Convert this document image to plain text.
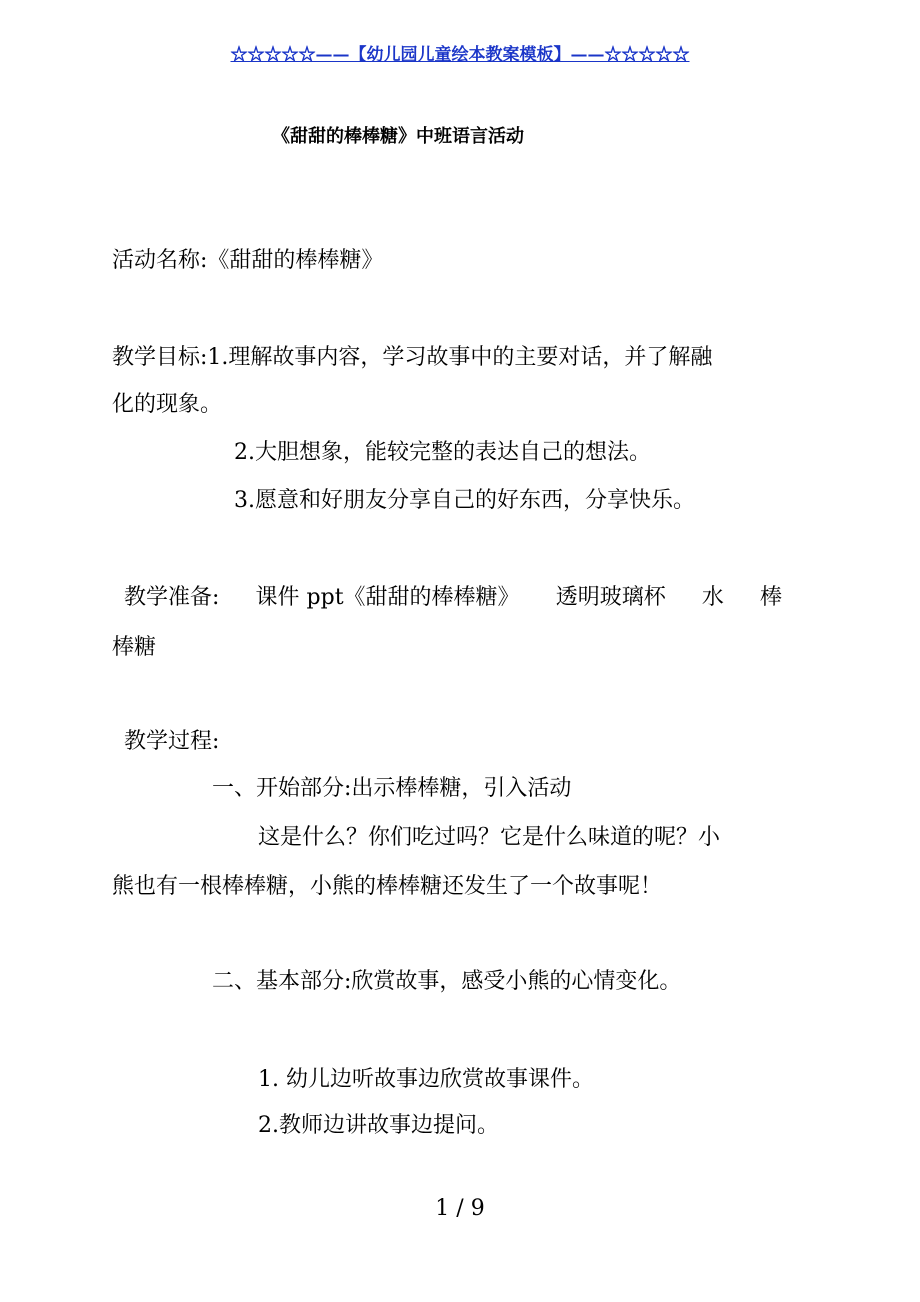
☆☆☆☆☆——【幼儿园儿童绘本教案模板】——☆☆☆☆☆
《甜甜的棒棒糖》中班语言活动
活动名称:《甜甜的棒棒糖》
教学目标:1.理解故事内容，学习故事中的主要对话，并了解融
化的现象。
2.大胆想象，能较完整的表达自己的想法。
3.愿意和好朋友分享自己的好东西，分享快乐。
教学准备: 课件 ppt《甜甜的棒棒糖》 透明玻璃杯 水 棒
棒糖
教学过程:
一、开始部分:出示棒棒糖，引入活动
这是什么？你们吃过吗？它是什么味道的呢？小
熊也有一根棒棒糖，小熊的棒棒糖还发生了一个故事呢！
二、基本部分:欣赏故事，感受小熊的心情变化。
1. 幼儿边听故事边欣赏故事课件。
2.教师边讲故事边提问。
1 / 9
